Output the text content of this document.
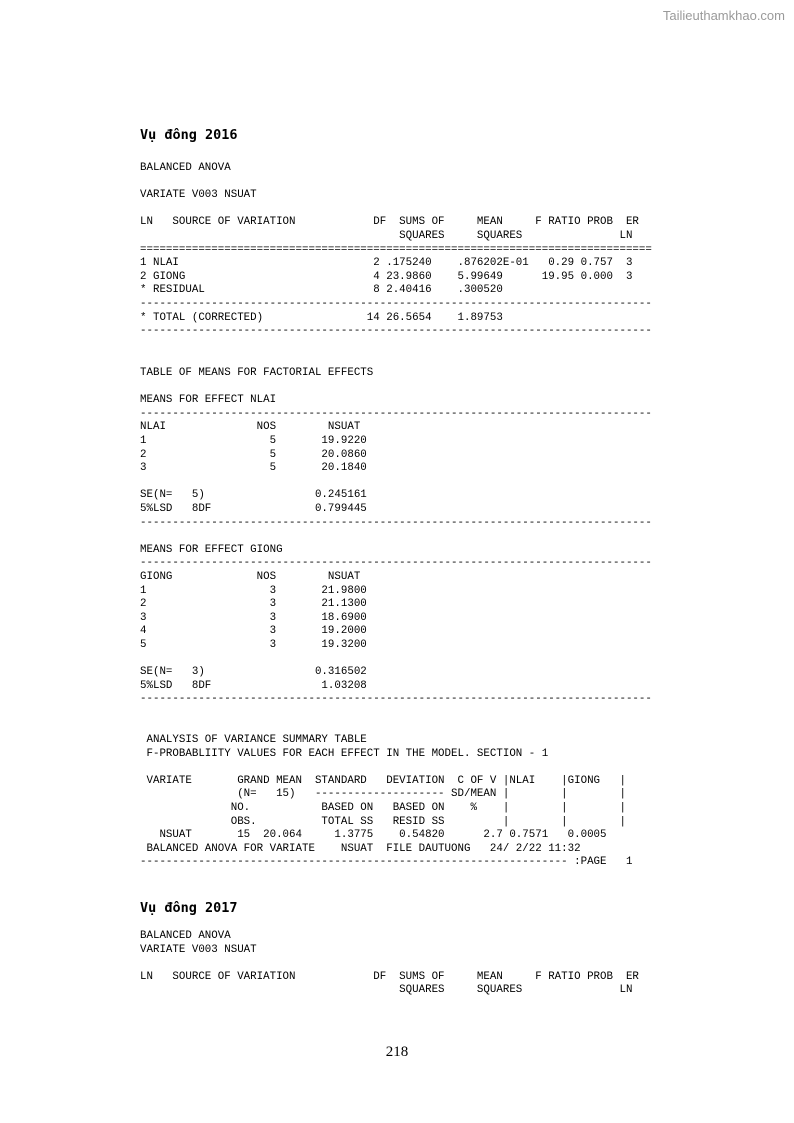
Tailieuthamkhao.com
Vụ đông 2016
BALANCED ANOVA

VARIATE V003 NSUAT

LN   SOURCE OF VARIATION            DF  SUMS OF     MEAN     F RATIO PROB  ER
SQUARES     SQUARES               LN
===============================================================================
1 NLAI                              2 .175240    .876202E-01   0.29 0.757  3
2 GIONG                             4 23.9860    5.99649      19.95 0.000  3
* RESIDUAL                          8 2.40416    .300520
-------------------------------------------------------------------------------
* TOTAL (CORRECTED)                14 26.5654    1.89753
-------------------------------------------------------------------------------
TABLE OF MEANS FOR FACTORIAL EFFECTS

MEANS FOR EFFECT NLAI
-------------------------------------------------------------------------------
NLAI              NOS        NSUAT
1                   5       19.9220
2                   5       20.0860
3                   5       20.1840

SE(N=   5)                 0.245161
5%LSD   8DF                0.799445
-------------------------------------------------------------------------------

MEANS FOR EFFECT GIONG
-------------------------------------------------------------------------------
GIONG             NOS        NSUAT
1                   3       21.9800
2                   3       21.1300
3                   3       18.6900
4                   3       19.2000
5                   3       19.3200

SE(N=   3)                 0.316502
5%LSD   8DF                 1.03208
-------------------------------------------------------------------------------
ANALYSIS OF VARIANCE SUMMARY TABLE
F-PROBABLIITY VALUES FOR EACH EFFECT IN THE MODEL. SECTION - 1

VARIATE       GRAND MEAN  STANDARD   DEVIATION  C OF V |NLAI    |GIONG   |
(N=   15)   -------------------- SD/MEAN |        |        |
NO.           BASED ON   BASED ON    %    |        |        |
OBS.          TOTAL SS   RESID SS         |        |        |
NSUAT       15  20.064     1.3775    0.54820      2.7 0.7571   0.0005
BALANCED ANOVA FOR VARIATE    NSUAT  FILE DAUTUONG   24/ 2/22 11:32
------------------------------------------------------------------ :PAGE   1
Vụ đông 2017
BALANCED ANOVA
VARIATE V003 NSUAT

LN   SOURCE OF VARIATION            DF  SUMS OF     MEAN     F RATIO PROB  ER
SQUARES     SQUARES               LN
218
